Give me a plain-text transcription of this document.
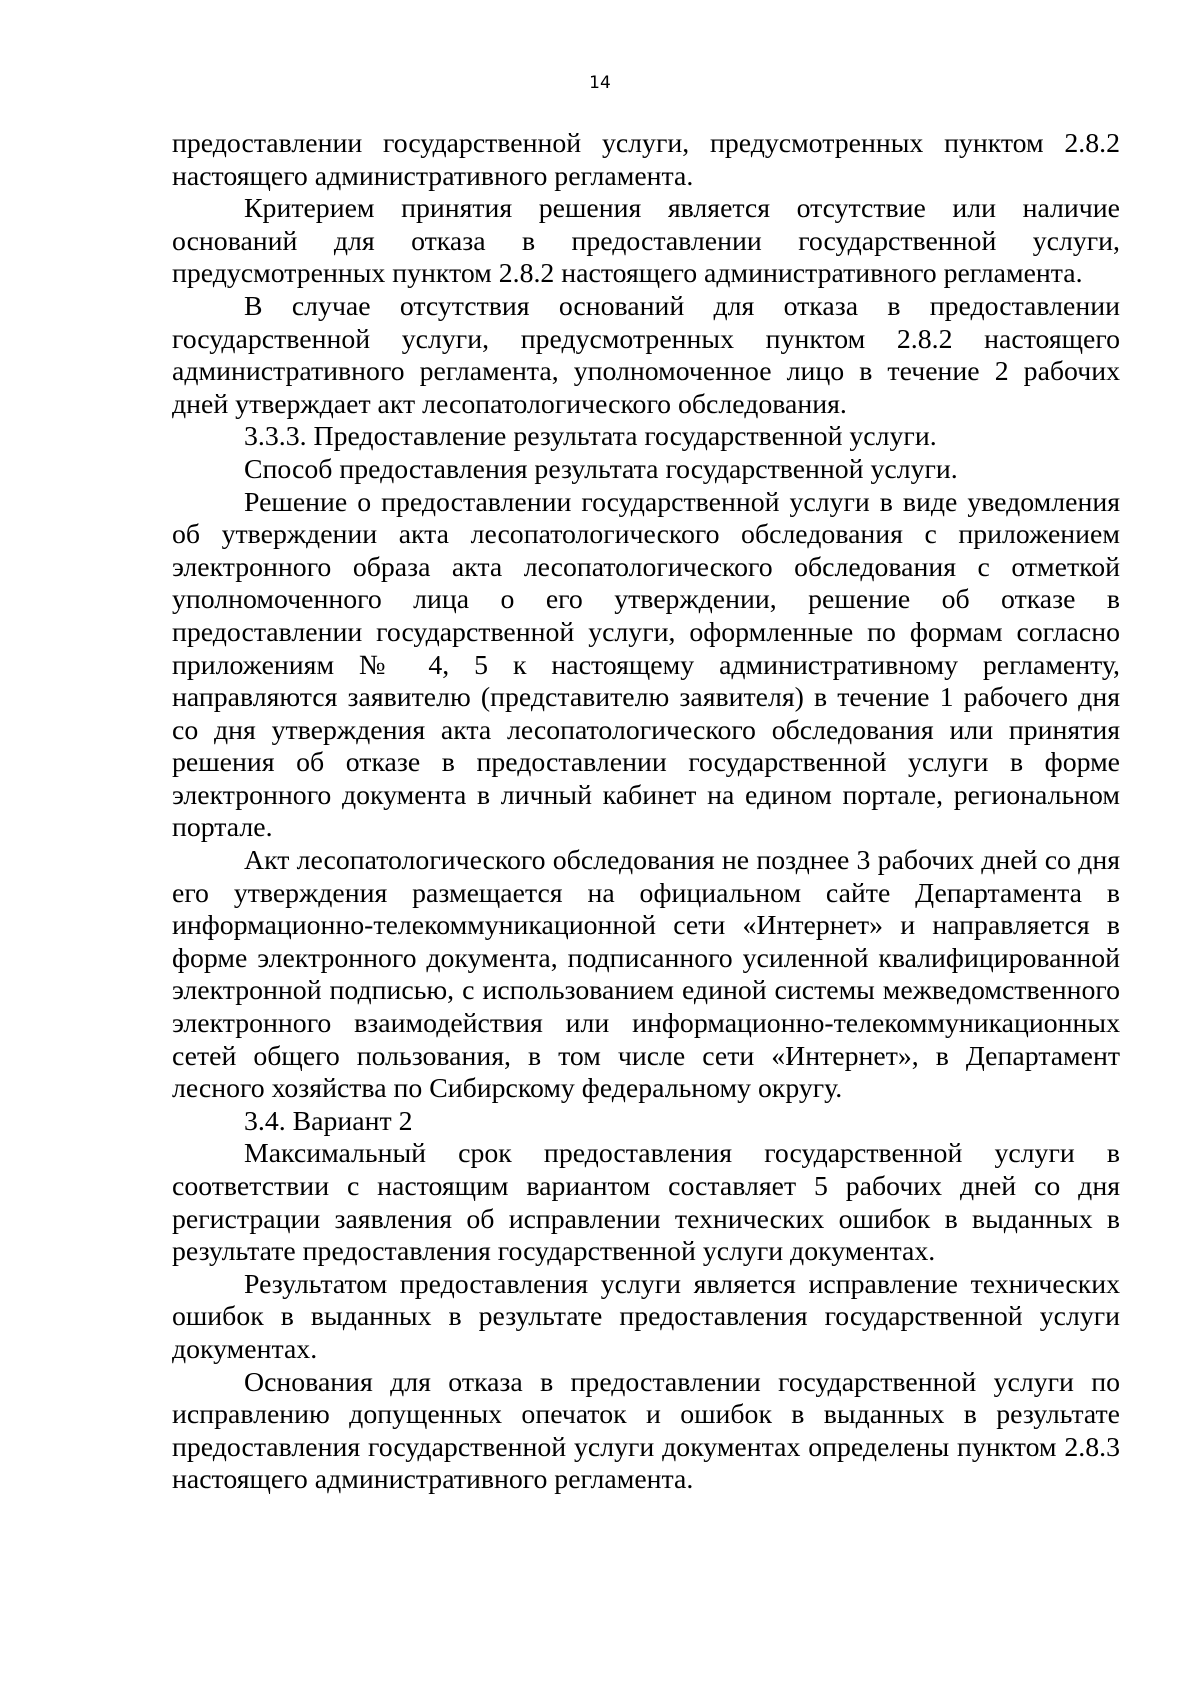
14

предоставлении государственной услуги, предусмотренных пунктом 2.8.2 настоящего административного регламента.

Критерием принятия решения является отсутствие или наличие оснований для отказа в предоставлении государственной услуги, предусмотренных пунктом 2.8.2 настоящего административного регламента.

В случае отсутствия оснований для отказа в предоставлении государственной услуги, предусмотренных пунктом 2.8.2 настоящего административного регламента, уполномоченное лицо в течение 2 рабочих дней утверждает акт лесопатологического обследования.

3.3.3. Предоставление результата государственной услуги.

Способ предоставления результата государственной услуги.

Решение о предоставлении государственной услуги в виде уведомления об утверждении акта лесопатологического обследования с приложением электронного образа акта лесопатологического обследования с отметкой уполномоченного лица о его утверждении, решение об отказе в предоставлении государственной услуги, оформленные по формам согласно приложениям № 4, 5 к настоящему административному регламенту, направляются заявителю (представителю заявителя) в течение 1 рабочего дня со дня утверждения акта лесопатологического обследования или принятия решения об отказе в предоставлении государственной услуги в форме электронного документа в личный кабинет на едином портале, региональном портале.

Акт лесопатологического обследования не позднее 3 рабочих дней со дня его утверждения размещается на официальном сайте Департамента в информационно-телекоммуникационной сети «Интернет» и направляется в форме электронного документа, подписанного усиленной квалифицированной электронной подписью, с использованием единой системы межведомственного электронного взаимодействия или информационно-телекоммуникационных сетей общего пользования, в том числе сети «Интернет», в Департамент лесного хозяйства по Сибирскому федеральному округу.

3.4. Вариант 2

Максимальный срок предоставления государственной услуги в соответствии с настоящим вариантом составляет 5 рабочих дней со дня регистрации заявления об исправлении технических ошибок в выданных в результате предоставления государственной услуги документах.

Результатом предоставления услуги является исправление технических ошибок в выданных в результате предоставления государственной услуги документах.

Основания для отказа в предоставлении государственной услуги по исправлению допущенных опечаток и ошибок в выданных в результате предоставления государственной услуги документах определены пунктом 2.8.3 настоящего административного регламента.
